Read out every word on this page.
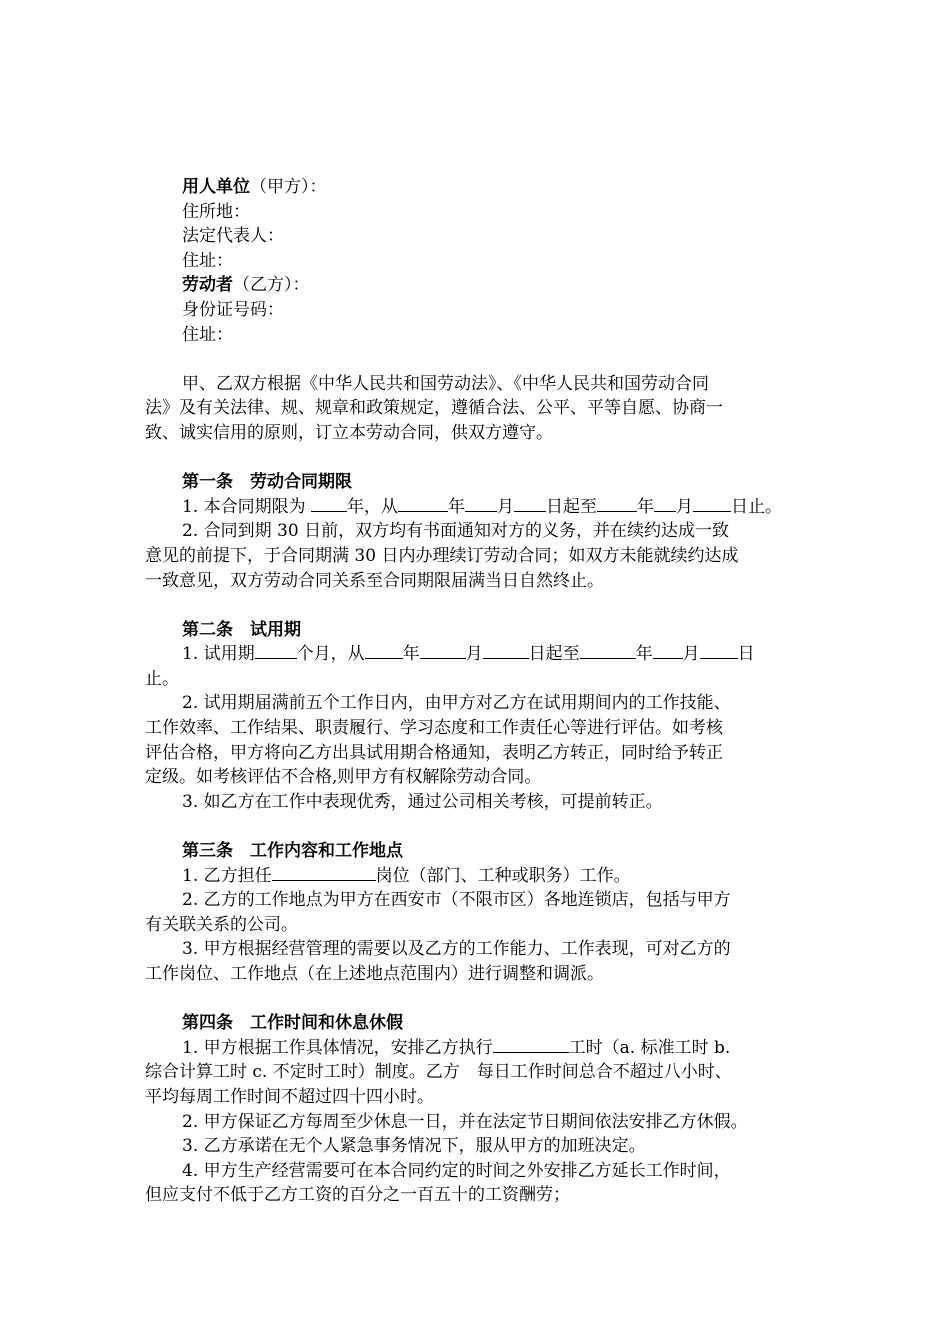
用人单位（甲方）：
住所地：
法定代表人：
住址：
劳动者（乙方）：
身份证号码：
住址：
甲、乙双方根据《中华人民共和国劳动法》、《中华人民共和国劳动合同
法》及有关法律、规、规章和政策规定，遵循合法、公平、平等自愿、协商一
致、诚实信用的原则，订立本劳动合同，供双方遵守。
第一条　劳动合同期限
1. 本合同期限为 年，从	年 月 日起至 年 月 日止。
2. 合同到期 30 日前，双方均有书面通知对方的义务，并在续约达成一致
意见的前提下，于合同期满 30 日内办理续订劳动合同；如双方未能就续约达成
一致意见，双方劳动合同关系至合同期限届满当日自然终止。
第二条　试用期
1. 试用期 个月，从 年	月	日起至	年 月 日
止。
2. 试用期届满前五个工作日内，由甲方对乙方在试用期间内的工作技能、
工作效率、工作结果、职责履行、学习态度和工作责任心等进行评估。如考核
评估合格，甲方将向乙方出具试用期合格通知，表明乙方转正，同时给予转正
定级。如考核评估不合格,则甲方有权解除劳动合同。
3. 如乙方在工作中表现优秀，通过公司相关考核，可提前转正。
第三条　工作内容和工作地点
1. 乙方担任	岗位（部门、工种或职务）工作。
2. 乙方的工作地点为甲方在西安市（不限市区）各地连锁店，包括与甲方
有关联关系的公司。
3. 甲方根据经营管理的需要以及乙方的工作能力、工作表现，可对乙方的
工作岗位、工作地点（在上述地点范围内）进行调整和调派。
第四条　工作时间和休息休假
1. 甲方根据工作具体情况，安排乙方执行	工时（a. 标准工时 b.
综合计算工时 c. 不定时工时）制度。乙方　每日工作时间总合不超过八小时、
平均每周工作时间不超过四十四小时。
2. 甲方保证乙方每周至少休息一日，并在法定节日期间依法安排乙方休假。
3. 乙方承诺在无个人紧急事务情况下，服从甲方的加班决定。
4. 甲方生产经营需要可在本合同约定的时间之外安排乙方延长工作时间，
但应支付不低于乙方工资的百分之一百五十的工资酬劳；
